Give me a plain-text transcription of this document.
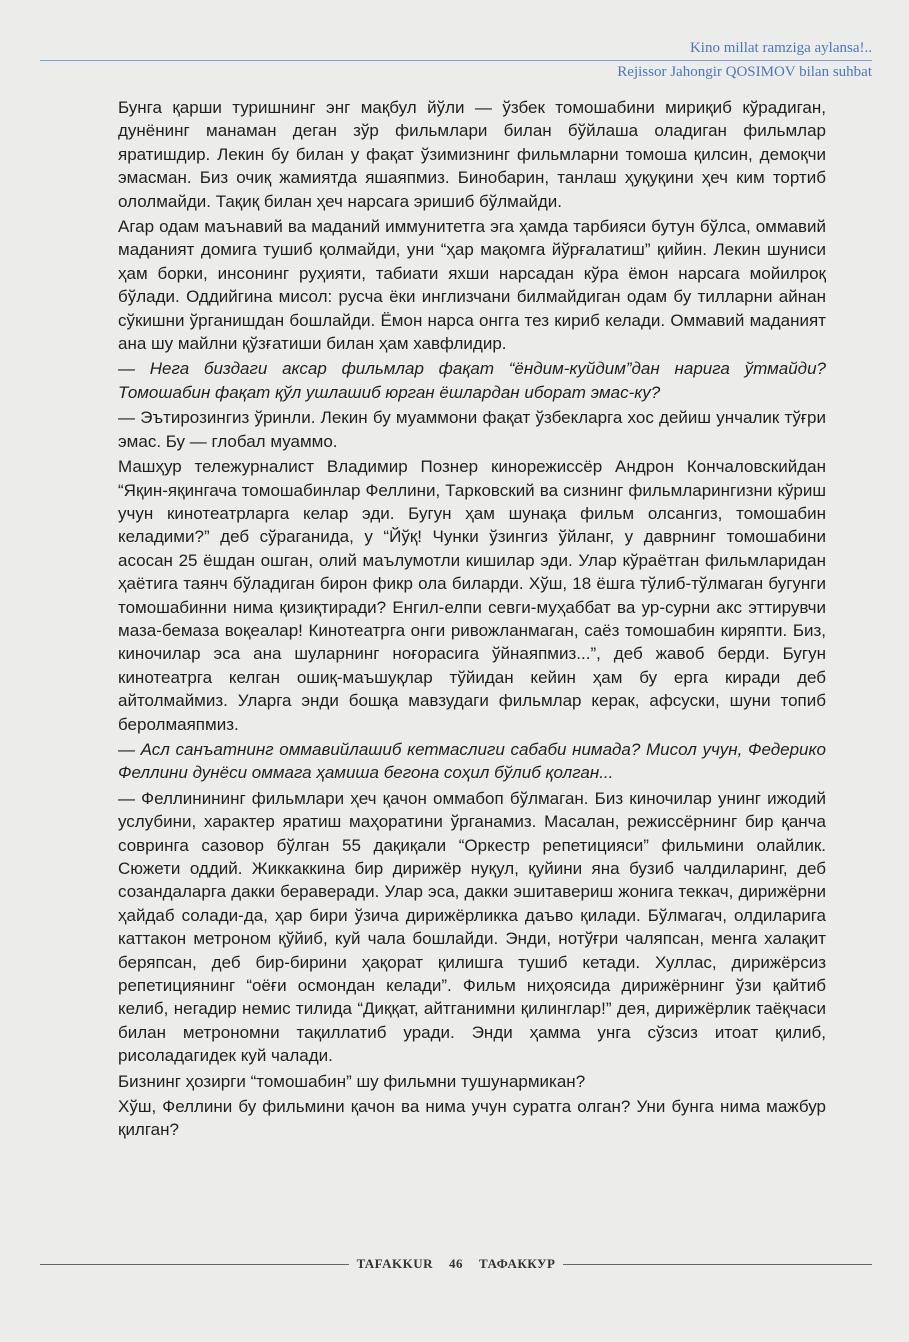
Kino millat ramziga aylansa!..
Rejissor Jahongir QOSIMOV bilan suhbat

Бунга қарши туришнинг энг мақбул йўли — ўзбек томошабини мириқиб кўрадиган, дунёнинг манаман деган зўр фильмлари билан бўйлаша оладиган фильмлар яратишдир. Лекин бу билан у фақат ўзимизнинг фильмларни томоша қилсин, демоқчи эмасман. Биз очиқ жамиятда яшаяпмиз. Бинобарин, танлаш ҳуқуқини ҳеч ким тортиб ололмайди. Тақиқ билан ҳеч нарсага эришиб бўлмайди.

Агар одам маънавий ва маданий иммунитетга эга ҳамда тарбияси бутун бўлса, оммавий маданият домига тушиб қолмайди, уни “ҳар мақомга йўрғалатиш” қийин. Лекин шуниси ҳам борки, инсонинг руҳияти, табиати яхши нарсадан кўра ёмон нарсага мойилроқ бўлади. Оддийгина мисол: русча ёки инглизчани билмайдиган одам бу тилларни айнан сўкишни ўрганишдан бошлайди. Ёмон нарса онгга тез кириб келади. Оммавий маданият ана шу майлни қўзғатиши билан ҳам хавфлидир.

— Нега биздаги аксар фильмлар фақат “ёндим-куйдим”дан нарига ўтмайди? Томошабин фақат қўл ушлашиб юрган ёшлардан иборат эмас-ку?

— Эътирозингиз ўринли. Лекин бу муаммони фақат ўзбекларга хос дейиш унчалик тўғри эмас. Бу — глобал муаммо.

Машҳур тележурналист Владимир Познер кинорежиссёр Андрон Кончаловскийдан “Яқин-яқингача томошабинлар Феллини, Тарковский ва сизнинг фильмларингизни кўриш учун кинотеатрларга келар эди. Бугун ҳам шунақа фильм олсангиз, томошабин келадими?” деб сўраганида, у “Йўқ! Чунки ўзингиз ўйланг, у даврнинг томошабини асосан 25 ёшдан ошган, олий маълумотли кишилар эди. Улар кўраётган фильмларидан ҳаётига таянч бўладиган бирон фикр ола биларди. Хўш, 18 ёшга тўлиб-тўлмаган бугунги томошабинни нима қизиқтиради? Енгил-елпи севги-муҳаббат ва ур-сурни акс эттирувчи маза-бемаза воқеалар! Кинотеатрга онги ривожланмаган, саёз томошабин киряпти. Биз, киночилар эса ана шуларнинг ноғорасига ўйнаяпмиз...”, деб жавоб берди. Бугун кинотеатрга келган ошиқ-маъшуқлар тўйидан кейин ҳам бу ерга киради деб айтолмаймиз. Уларга энди бошқа мавзудаги фильмлар керак, афсуски, шуни топиб беролмаяпмиз.

— Асл санъатнинг оммавийлашиб кетмаслиги сабаби нимада? Мисол учун, Федерико Феллини дунёси оммага ҳамиша бегона соҳил бўлиб қолган...

— Феллинининг фильмлари ҳеч қачон оммабоп бўлмаган. Биз киночилар унинг ижодий услубини, характер яратиш маҳоратини ўрганамиз. Масалан, режиссёрнинг бир қанча совринга сазовор бўлган 55 дақиқали “Оркестр репетицияси” фильмини олайлик. Сюжети оддий. Жиккаккина бир дирижёр нуқул, қуйини яна бузиб чалдиларинг, деб созандаларга дакки бераверади. Улар эса, дакки эшитавериш жонига теккач, дирижёрни ҳайдаб солади-да, ҳар бири ўзича дирижёрликка даъво қилади. Бўлмагач, олдиларига каттакон метроном қўйиб, куй чала бошлайди. Энди, нотўғри чаляпсан, менга халақит беряпсан, деб бир-бирини ҳақорат қилишга тушиб кетади. Хуллас, дирижёрсиз репетициянинг “оёғи осмондан келади”. Фильм ниҳоясида дирижёрнинг ўзи қайтиб келиб, негадир немис тилида “Диққат, айтганимни қилинглар!” дея, дирижёрлик таёқчаси билан метрономни тақиллатиб уради. Энди ҳамма унга сўзсиз итоат қилиб, рисоладагидек куй чалади.

Бизнинг ҳозирги “томошабин” шу фильмни тушунармикан?

Хўш, Феллини бу фильмини қачон ва нима учун суратга олган? Уни бунга нима мажбур қилган?

TAFAKKUR 46 ТАФАККУР
